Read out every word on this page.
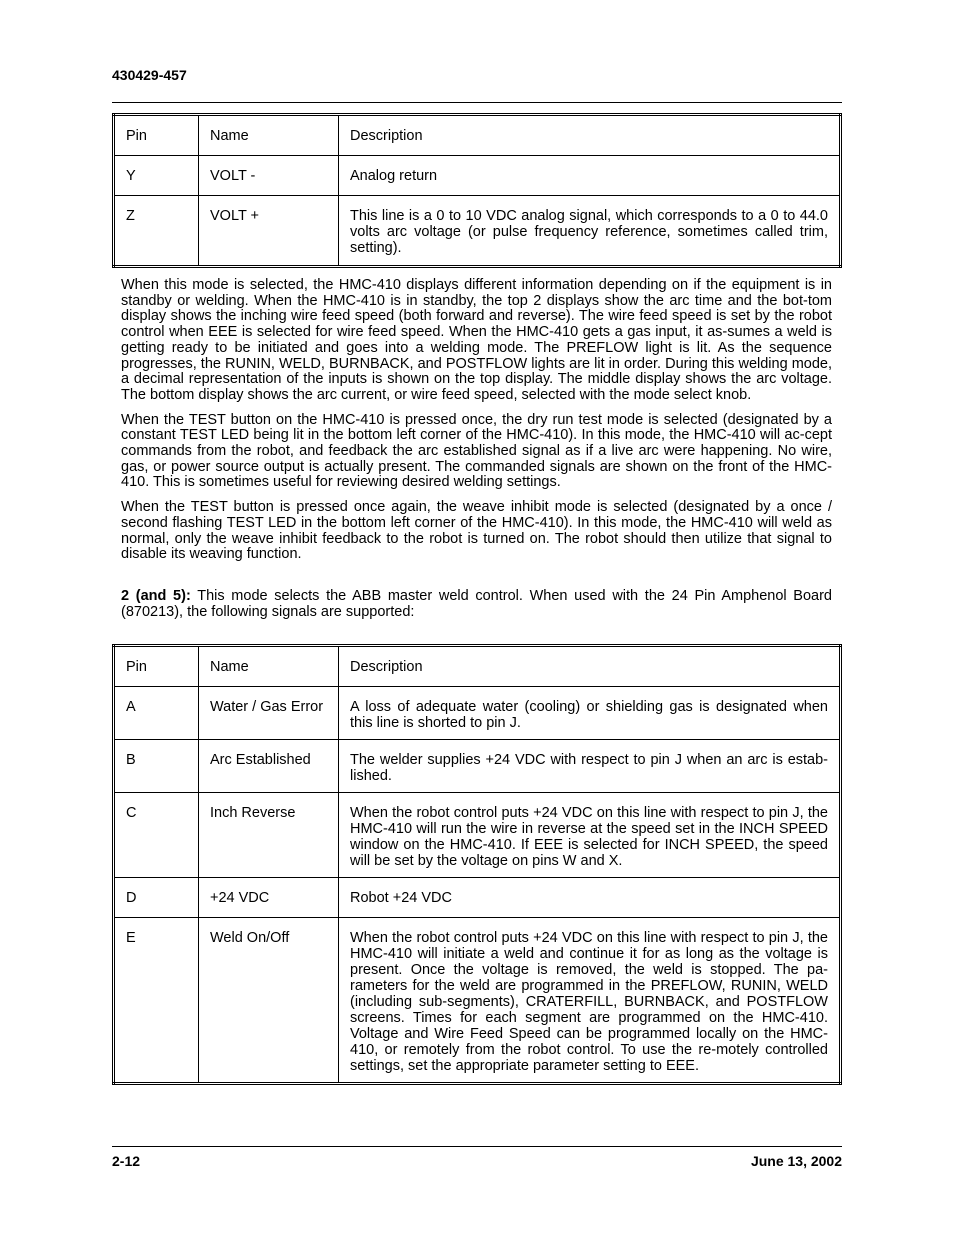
430429-457
Pin	Name	Description
Y	VOLT -	Analog return
Z	VOLT +	This line is a 0 to 10 VDC analog signal, which corresponds to a 0 to 44.0 volts arc voltage (or pulse frequency reference, sometimes called trim, setting).

When this mode is selected, the HMC-410 displays different information depending on if the equipment is in standby or welding. When the HMC-410 is in standby, the top 2 displays show the arc time and the bot-tom display shows the inching wire feed speed (both forward and reverse). The wire feed speed is set by the robot control when EEE is selected for wire feed speed. When the HMC-410 gets a gas input, it as-sumes a weld is getting ready to be initiated and goes into a welding mode. The PREFLOW light is lit. As the sequence progresses, the RUNIN, WELD, BURNBACK, and POSTFLOW lights are lit in order. During this welding mode, a decimal representation of the inputs is shown on the top display. The middle display shows the arc voltage. The bottom display shows the arc current, or wire feed speed, selected with the mode select knob.

When the TEST button on the HMC-410 is pressed once, the dry run test mode is selected (designated by a constant TEST LED being lit in the bottom left corner of the HMC-410). In this mode, the HMC-410 will ac-cept commands from the robot, and feedback the arc established signal as if a live arc were happening. No wire, gas, or power source output is actually present. The commanded signals are shown on the front of the HMC-410. This is sometimes useful for reviewing desired welding settings.

When the TEST button is pressed once again, the weave inhibit mode is selected (designated by a once / second flashing TEST LED in the bottom left corner of the HMC-410). In this mode, the HMC-410 will weld as normal, only the weave inhibit feedback to the robot is turned on. The robot should then utilize that signal to disable its weaving function.

2 (and 5): This mode selects the ABB master weld control. When used with the 24 Pin Amphenol Board (870213), the following signals are supported:

Pin	Name	Description
A	Water / Gas Error	A loss of adequate water (cooling) or shielding gas is designated when this line is shorted to pin J.
B	Arc Established	The welder supplies +24 VDC with respect to pin J when an arc is estab-lished.
C	Inch Reverse	When the robot control puts +24 VDC on this line with respect to pin J, the HMC-410 will run the wire in reverse at the speed set in the INCH SPEED window on the HMC-410. If EEE is selected for INCH SPEED, the speed will be set by the voltage on pins W and X.
D	+24 VDC	Robot +24 VDC
E	Weld On/Off	When the robot control puts +24 VDC on this line with respect to pin J, the HMC-410 will initiate a weld and continue it for as long as the voltage is present. Once the voltage is removed, the weld is stopped. The pa-rameters for the weld are programmed in the PREFLOW, RUNIN, WELD (including sub-segments), CRATERFILL, BURNBACK, and POSTFLOW screens. Times for each segment are programmed on the HMC-410. Voltage and Wire Feed Speed can be programmed locally on the HMC-410, or remotely from the robot control. To use the re-motely controlled settings, set the appropriate parameter setting to EEE.
2-12	June 13, 2002
